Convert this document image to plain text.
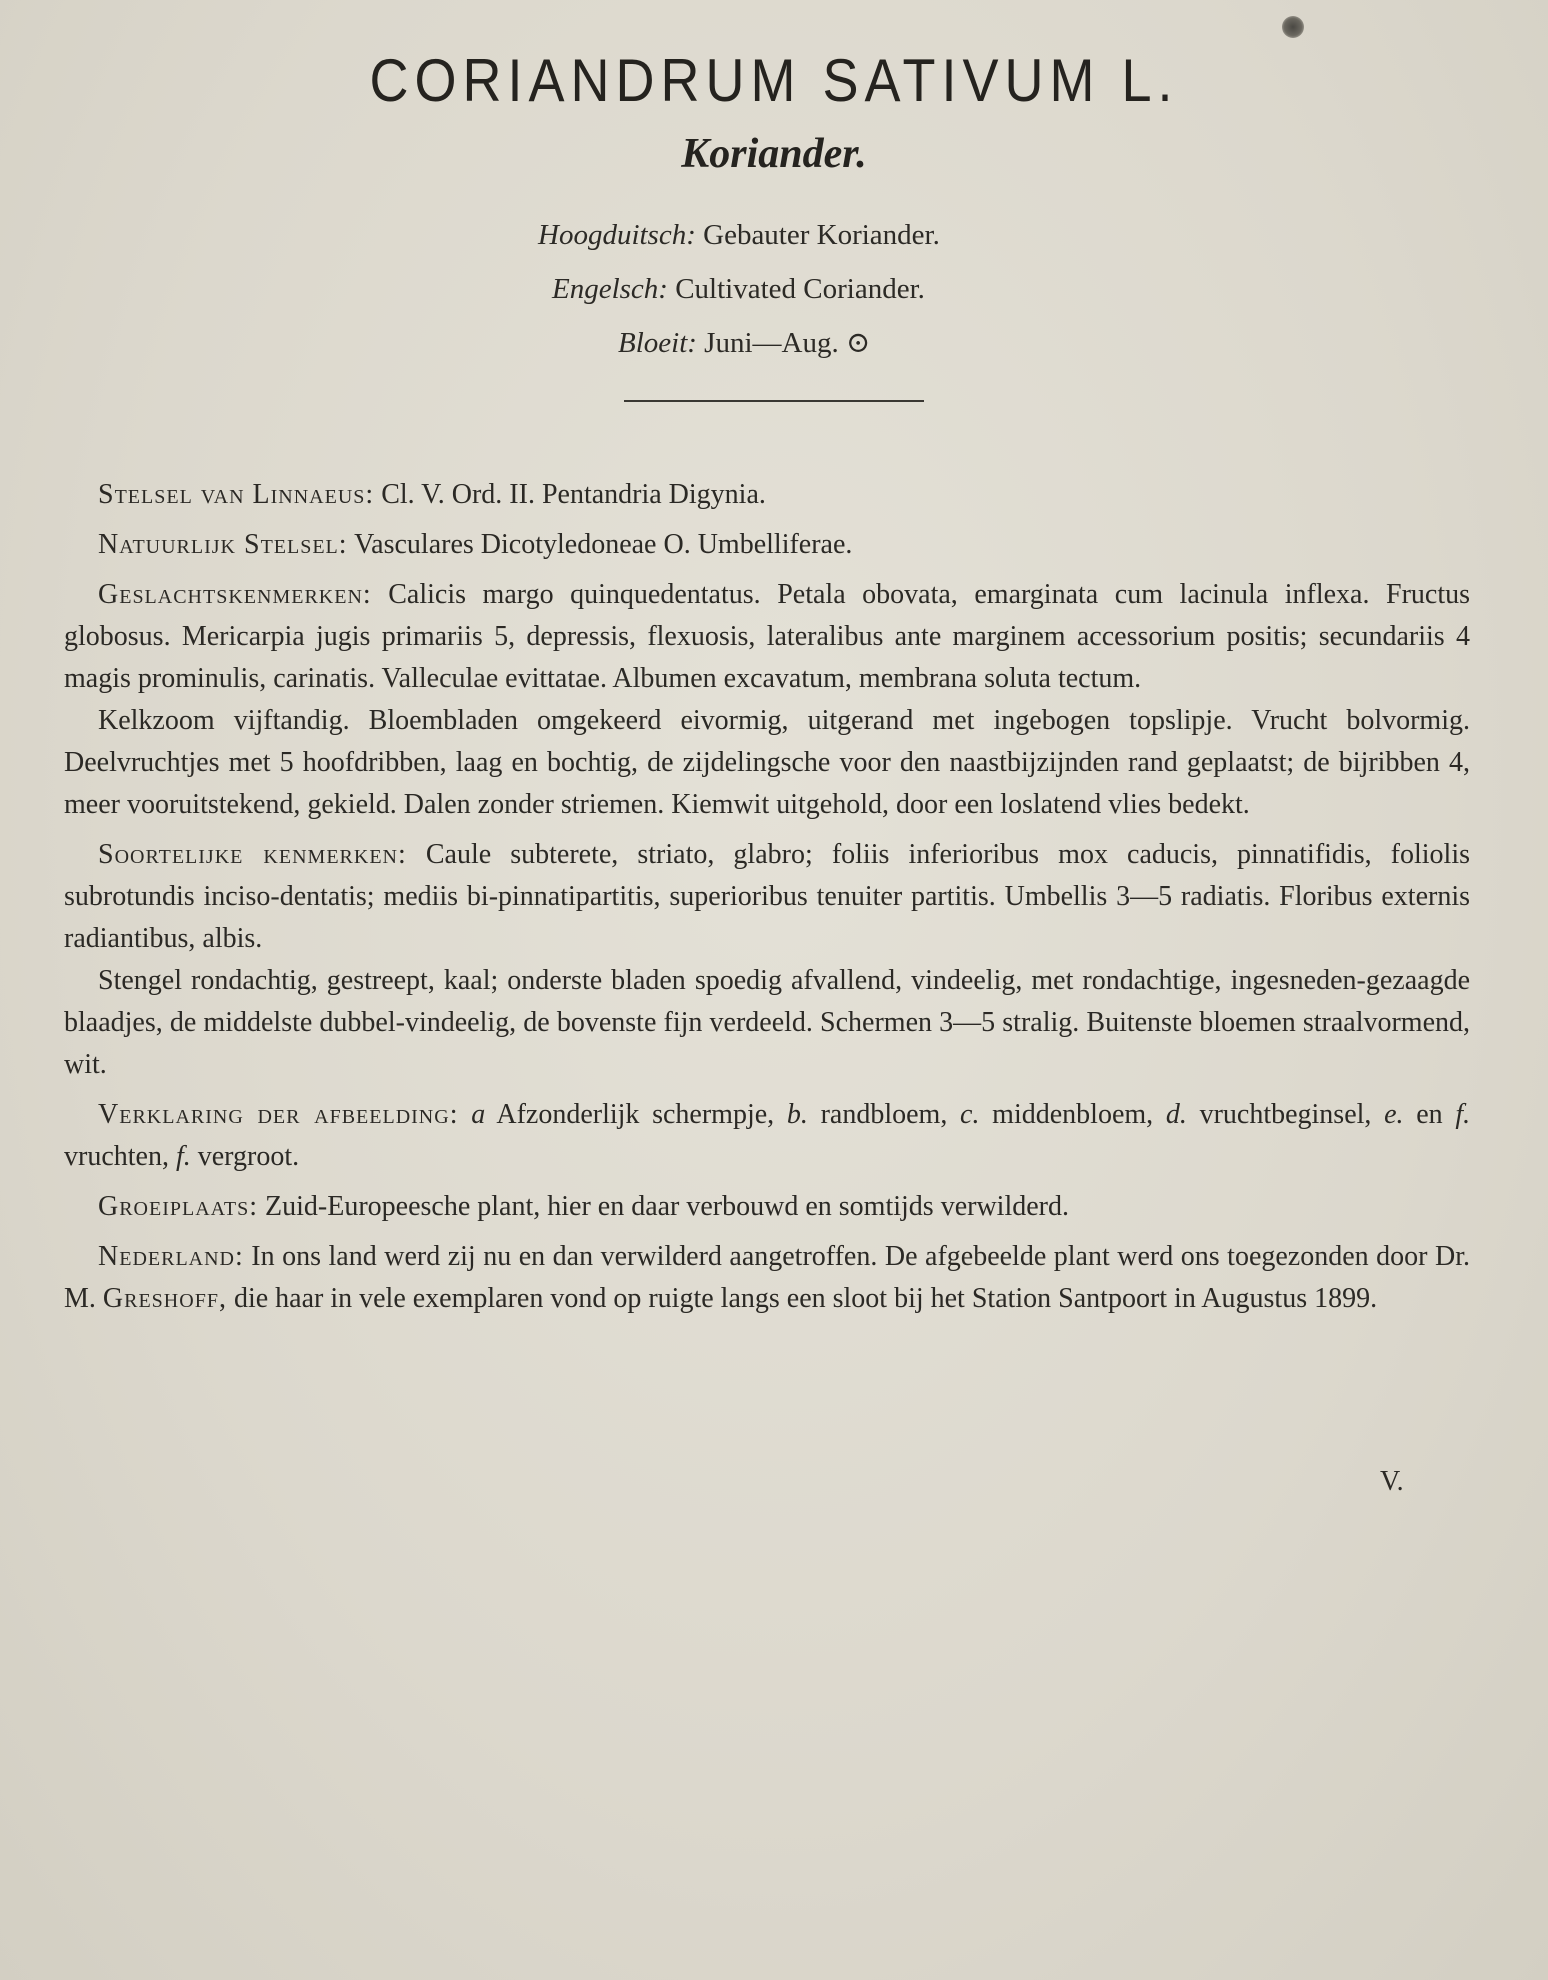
CORIANDRUM SATIVUM L.
Koriander.
Hoogduitsch: Gebauter Koriander.
Engelsch: Cultivated Coriander.
Bloeit: Juni—Aug. ⊙

Stelsel van Linnaeus: Cl. V. Ord. II. Pentandria Digynia.

Natuurlijk Stelsel: Vasculares Dicotyledoneae O. Umbelliferae.

Geslachtskenmerken: Calicis margo quinquedentatus. Petala obovata, emarginata cum lacinula inflexa. Fructus globosus. Mericarpia jugis primariis 5, depressis, flexuosis, lateralibus ante marginem accessorium positis; secundariis 4 magis prominulis, carinatis. Valleculae evittatae. Albumen excavatum, membrana soluta tectum.

Kelkzoom vijftandig. Bloembladen omgekeerd eivormig, uitgerand met ingebogen topslipje. Vrucht bolvormig. Deelvruchtjes met 5 hoofdribben, laag en bochtig, de zijdelingsche voor den naastbijzijnden rand geplaatst; de bijribben 4, meer vooruitstekend, gekield. Dalen zonder striemen. Kiemwit uitgehold, door een loslatend vlies bedekt.

Soortelijke kenmerken: Caule subterete, striato, glabro; foliis inferioribus mox caducis, pinnatifidis, foliolis subrotundis inciso-dentatis; mediis bi-pinnatipartitis, superioribus tenuiter partitis. Umbellis 3—5 radiatis. Floribus externis radiantibus, albis.

Stengel rondachtig, gestreept, kaal; onderste bladen spoedig afvallend, vindeelig, met rondachtige, ingesneden-gezaagde blaadjes, de middelste dubbel-vindeelig, de bovenste fijn verdeeld. Schermen 3—5 stralig. Buitenste bloemen straalvormend, wit.

Verklaring der afbeelding: a Afzonderlijk schermpje, b. randbloem, c. middenbloem, d. vruchtbeginsel, e. en f. vruchten, f. vergroot.

Groeiplaats: Zuid-Europeesche plant, hier en daar verbouwd en somtijds verwilderd.

Nederland: In ons land werd zij nu en dan verwilderd aangetroffen. De afgebeelde plant werd ons toegezonden door Dr. M. Greshoff, die haar in vele exemplaren vond op ruigte langs een sloot bij het Station Santpoort in Augustus 1899.

V.
